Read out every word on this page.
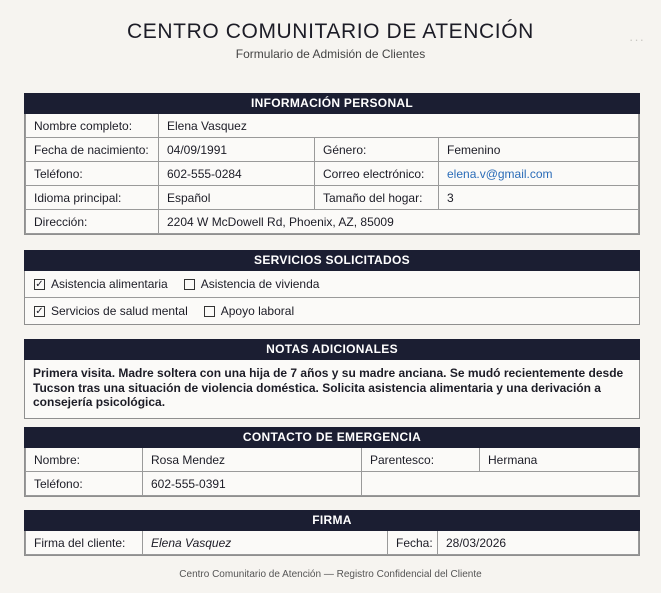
···
CENTRO COMUNITARIO DE ATENCIÓN
Formulario de Admisión de Clientes
INFORMACIÓN PERSONAL
Nombre completo:	Elena Vasquez		
Fecha de nacimiento:	04/09/1991	Género:	Femenino
Teléfono:	602-555-0284	Correo electrónico:	elena.v@gmail.com
Idioma principal:	Español	Tamaño del hogar:	3
Dirección:	2204 W McDowell Rd, Phoenix, AZ, 85009		
SERVICIOS SOLICITADOS
✓ Asistencia alimentaria	Asistencia de vivienda
✓ Servicios de salud mental	Apoyo laboral
NOTAS ADICIONALES
Primera visita. Madre soltera con una hija de 7 años y su madre anciana. Se mudó recientemente desde Tucson tras una situación de violencia doméstica. Solicita asistencia alimentaria y una derivación a consejería psicológica.
CONTACTO DE EMERGENCIA
Nombre:	Rosa Mendez	Parentesco:	Hermana
Teléfono:	602-555-0391		
FIRMA
Firma del cliente:	Elena Vasquez	Fecha:	28/03/2026
Centro Comunitario de Atención — Registro Confidencial del Cliente
